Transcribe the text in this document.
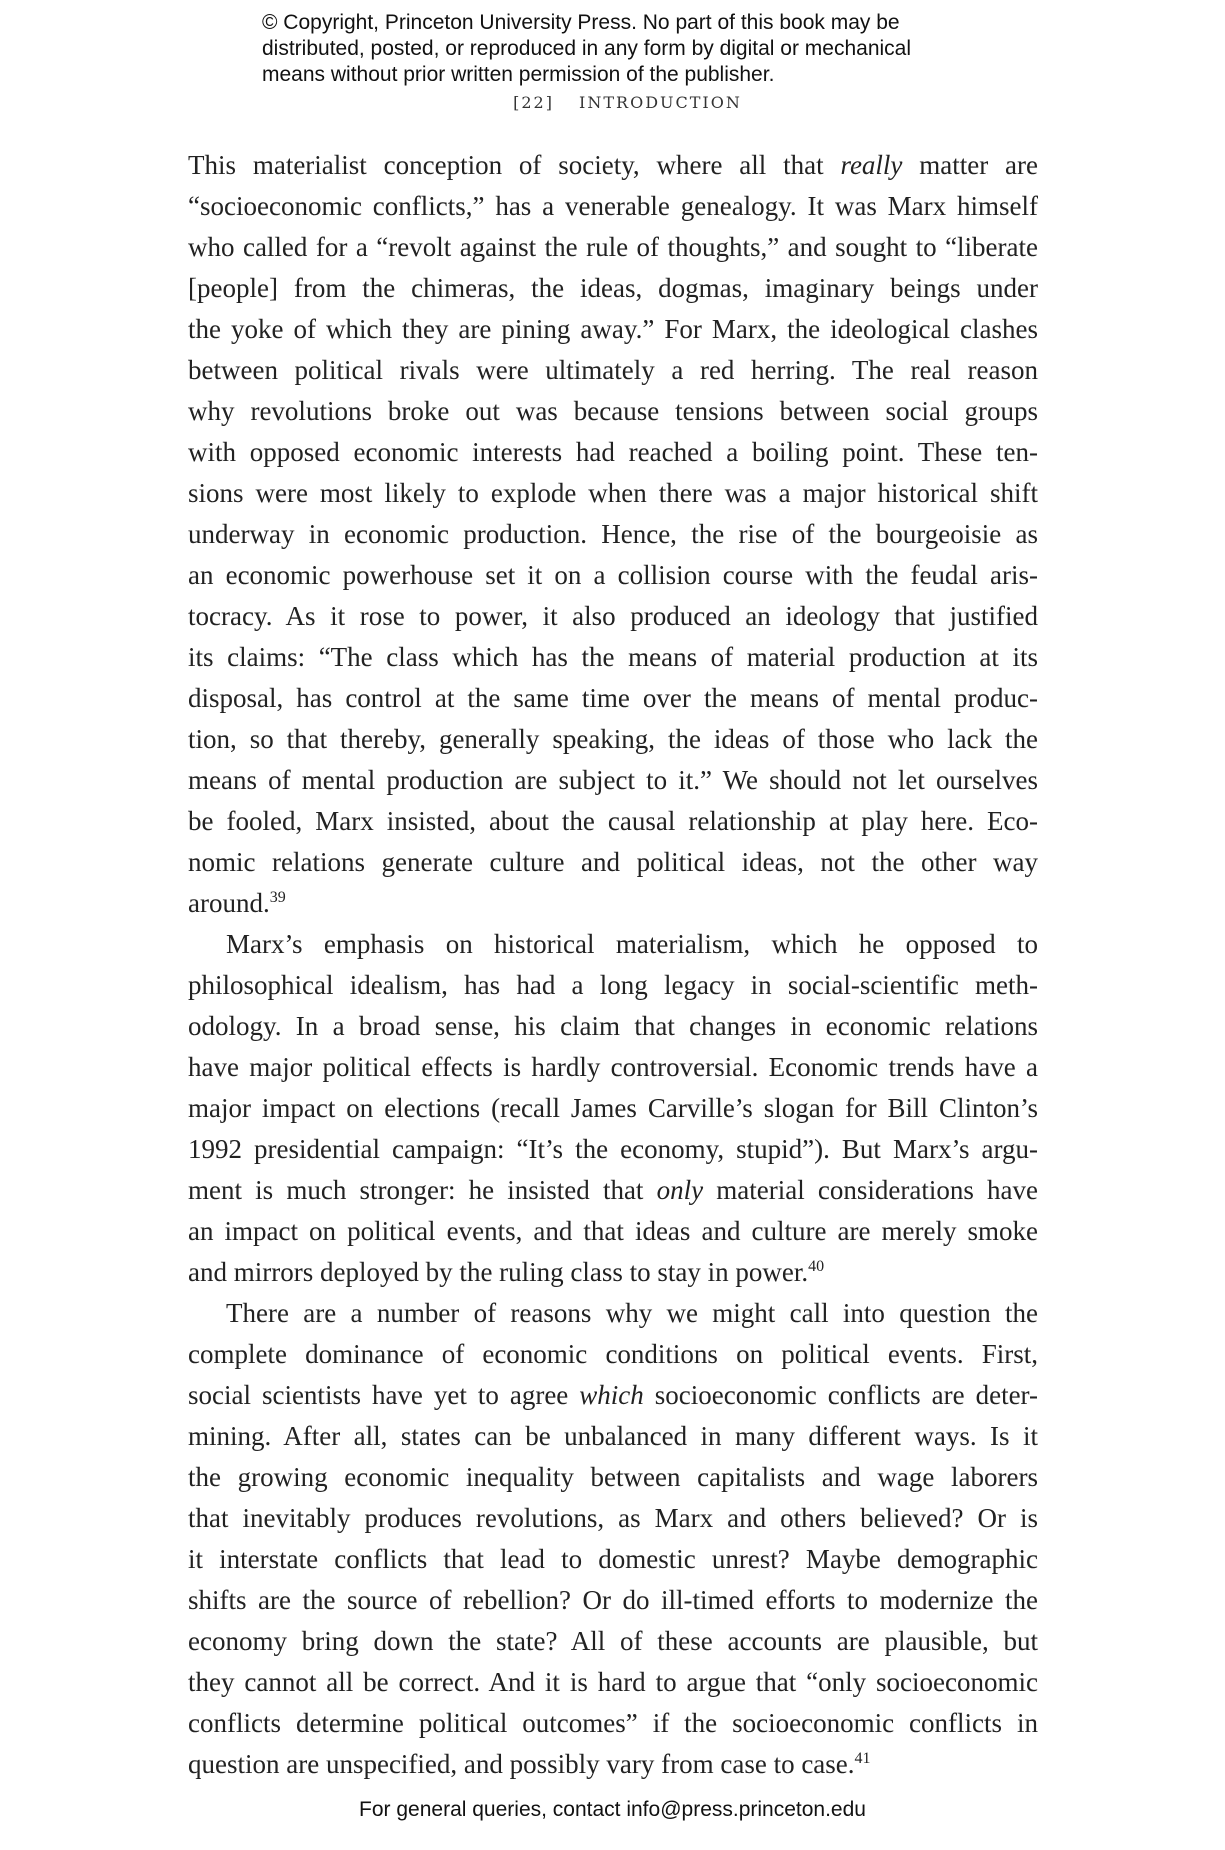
© Copyright, Princeton University Press. No part of this book may be
distributed, posted, or reproduced in any form by digital or mechanical
means without prior written permission of the publisher.
[22] INTRODUCTION
This materialist conception of society, where all that really matter are
“socioeconomic conflicts,” has a venerable genealogy. It was Marx himself
who called for a “revolt against the rule of thoughts,” and sought to “liberate
[people] from the chimeras, the ideas, dogmas, imaginary beings under
the yoke of which they are pining away.” For Marx, the ideological clashes
between political rivals were ultimately a red herring. The real reason
why revolutions broke out was because tensions between social groups
with opposed economic interests had reached a boiling point. These ten-
sions were most likely to explode when there was a major historical shift
underway in economic production. Hence, the rise of the bourgeoisie as
an economic powerhouse set it on a collision course with the feudal aris-
tocracy. As it rose to power, it also produced an ideology that justified
its claims: “The class which has the means of material production at its
disposal, has control at the same time over the means of mental produc-
tion, so that thereby, generally speaking, the ideas of those who lack the
means of mental production are subject to it.” We should not let ourselves
be fooled, Marx insisted, about the causal relationship at play here. Eco-
nomic relations generate culture and political ideas, not the other way
around.$^{39}$
Marx’s emphasis on historical materialism, which he opposed to
philosophical idealism, has had a long legacy in social-scientific meth-
odology. In a broad sense, his claim that changes in economic relations
have major political effects is hardly controversial. Economic trends have a
major impact on elections (recall James Carville’s slogan for Bill Clinton’s
1992 presidential campaign: “It’s the economy, stupid”). But Marx’s argu-
ment is much stronger: he insisted that only material considerations have
an impact on political events, and that ideas and culture are merely smoke
and mirrors deployed by the ruling class to stay in power.$^{40}$
There are a number of reasons why we might call into question the
complete dominance of economic conditions on political events. First,
social scientists have yet to agree which socioeconomic conflicts are deter-
mining. After all, states can be unbalanced in many different ways. Is it
the growing economic inequality between capitalists and wage laborers
that inevitably produces revolutions, as Marx and others believed? Or is
it interstate conflicts that lead to domestic unrest? Maybe demographic
shifts are the source of rebellion? Or do ill-timed efforts to modernize the
economy bring down the state? All of these accounts are plausible, but
they cannot all be correct. And it is hard to argue that “only socioeconomic
conflicts determine political outcomes” if the socioeconomic conflicts in
question are unspecified, and possibly vary from case to case.$^{41}$
For general queries, contact info@press.princeton.edu
